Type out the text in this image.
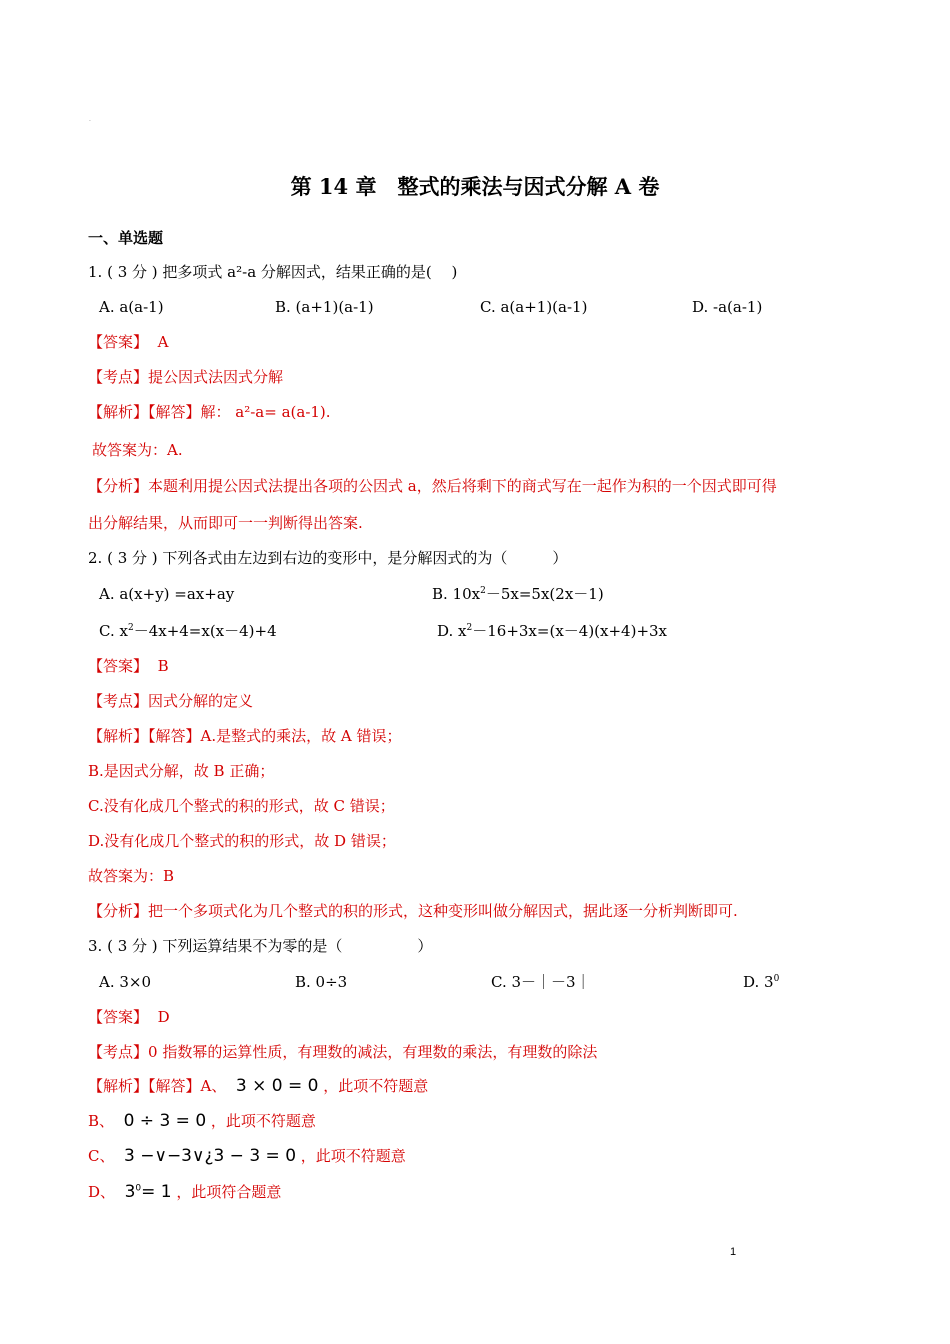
.
第 14 章　整式的乘法与因式分解 A 卷
一、单选题
1. ( 3 分 ) 把多项式 a²-a 分解因式，结果正确的是(　 )
A. a(a-1)	B. (a+1)(a-1)	C. a(a+1)(a-1)	D. -a(a-1)
【答案】 A
【考点】提公因式法因式分解
【解析】【解答】解： a²-a= a(a-1).
故答案为：A.
【分析】本题利用提公因式法提出各项的公因式 a，然后将剩下的商式写在一起作为积的一个因式即可得
出分解结果，从而即可一一判断得出答案.
2. ( 3 分 ) 下列各式由左边到右边的变形中，是分解因式的为（　　　）
A. a(x+y) =ax+ay	B. $10x^2-5x=5x(2x-1)$
C. $x^2-4x+4=x(x-4)+4$	D. $x^2-16+3x=(x-4)(x+4)+3x$
【答案】 B
【考点】因式分解的定义
【解析】【解答】A.是整式的乘法，故 A 错误；
B.是因式分解，故 B 正确；
C.没有化成几个整式的积的形式，故 C 错误；
D.没有化成几个整式的积的形式，故 D 错误；
故答案为：B
【分析】把一个多项式化为几个整式的积的形式，这种变形叫做分解因式，据此逐一分析判断即可.
3. ( 3 分 ) 下列运算结果不为零的是（　　　　　）
A. 3×0	B. 0÷3	C. 3－｜－3｜	D. $3^0$
【答案】 D
【考点】0 指数幂的运算性质，有理数的减法，有理数的乘法，有理数的除法
【解析】【解答】A、 3 × 0 = 0 ，此项不符题意
B、 0 ÷ 3 = 0 ，此项不符题意
C、 3 −∨−3∨¿3 − 3 = 0 ，此项不符题意
D、 $3^0= 1$ ，此项符合题意
1
